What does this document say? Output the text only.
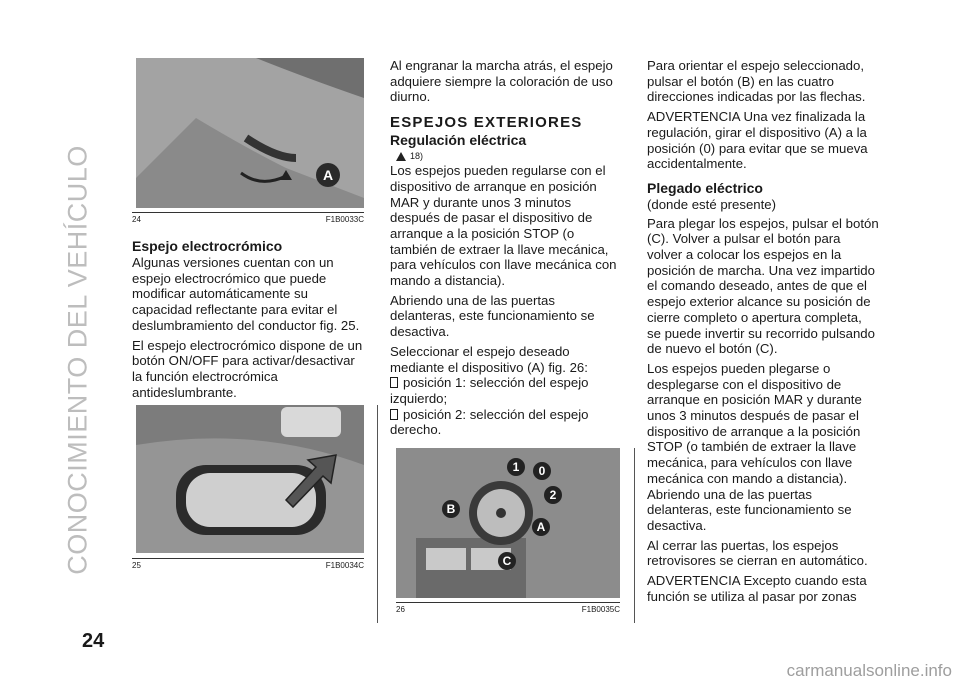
CONOCIMIENTO DEL VEHÍCULO
24
A
24	F1B0033C
Espejo electrocrómico

Algunas versiones cuentan con un espejo electrocrómico que puede modificar automáticamente su capacidad reflectante para evitar el deslumbramiento del conductor fig. 25.

El espejo electrocrómico dispone de un botón ON/OFF para activar/desactivar la función electrocrómica antideslumbrante.

25	F1B0034C

Al engranar la marcha atrás, el espejo adquiere siempre la coloración de uso diurno.

ESPEJOS EXTERIORES
Regulación eléctrica
18)

Los espejos pueden regularse con el dispositivo de arranque en posición MAR y durante unos 3 minutos después de pasar el dispositivo de arranque a la posición STOP (o también de extraer la llave mecánica, para vehículos con llave mecánica con mando a distancia).

Abriendo una de las puertas delanteras, este funcionamiento se desactiva.

Seleccionar el espejo deseado mediante el dispositivo (A) fig. 26:

posición 1: selección del espejo izquierdo;

posición 2: selección del espejo derecho.

1	0
2
B
A
C
26	F1B0035C

Para orientar el espejo seleccionado, pulsar el botón (B) en las cuatro direcciones indicadas por las flechas.

ADVERTENCIA Una vez finalizada la regulación, girar el dispositivo (A) a la posición (0) para evitar que se mueva accidentalmente.

Plegado eléctrico

(donde esté presente)

Para plegar los espejos, pulsar el botón (C). Volver a pulsar el botón para volver a colocar los espejos en la posición de marcha. Una vez impartido el comando deseado, antes de que el espejo exterior alcance su posición de cierre completo o apertura completa, se puede invertir su recorrido pulsando de nuevo el botón (C).

Los espejos pueden plegarse o desplegarse con el dispositivo de arranque en posición MAR y durante unos 3 minutos después de pasar el dispositivo de arranque a la posición STOP (o también de extraer la llave mecánica, para vehículos con llave mecánica con mando a distancia). Abriendo una de las puertas delanteras, este funcionamiento se desactiva.

Al cerrar las puertas, los espejos retrovisores se cierran en automático.

ADVERTENCIA Excepto cuando esta función se utiliza al pasar por zonas

carmanualsonline.info
